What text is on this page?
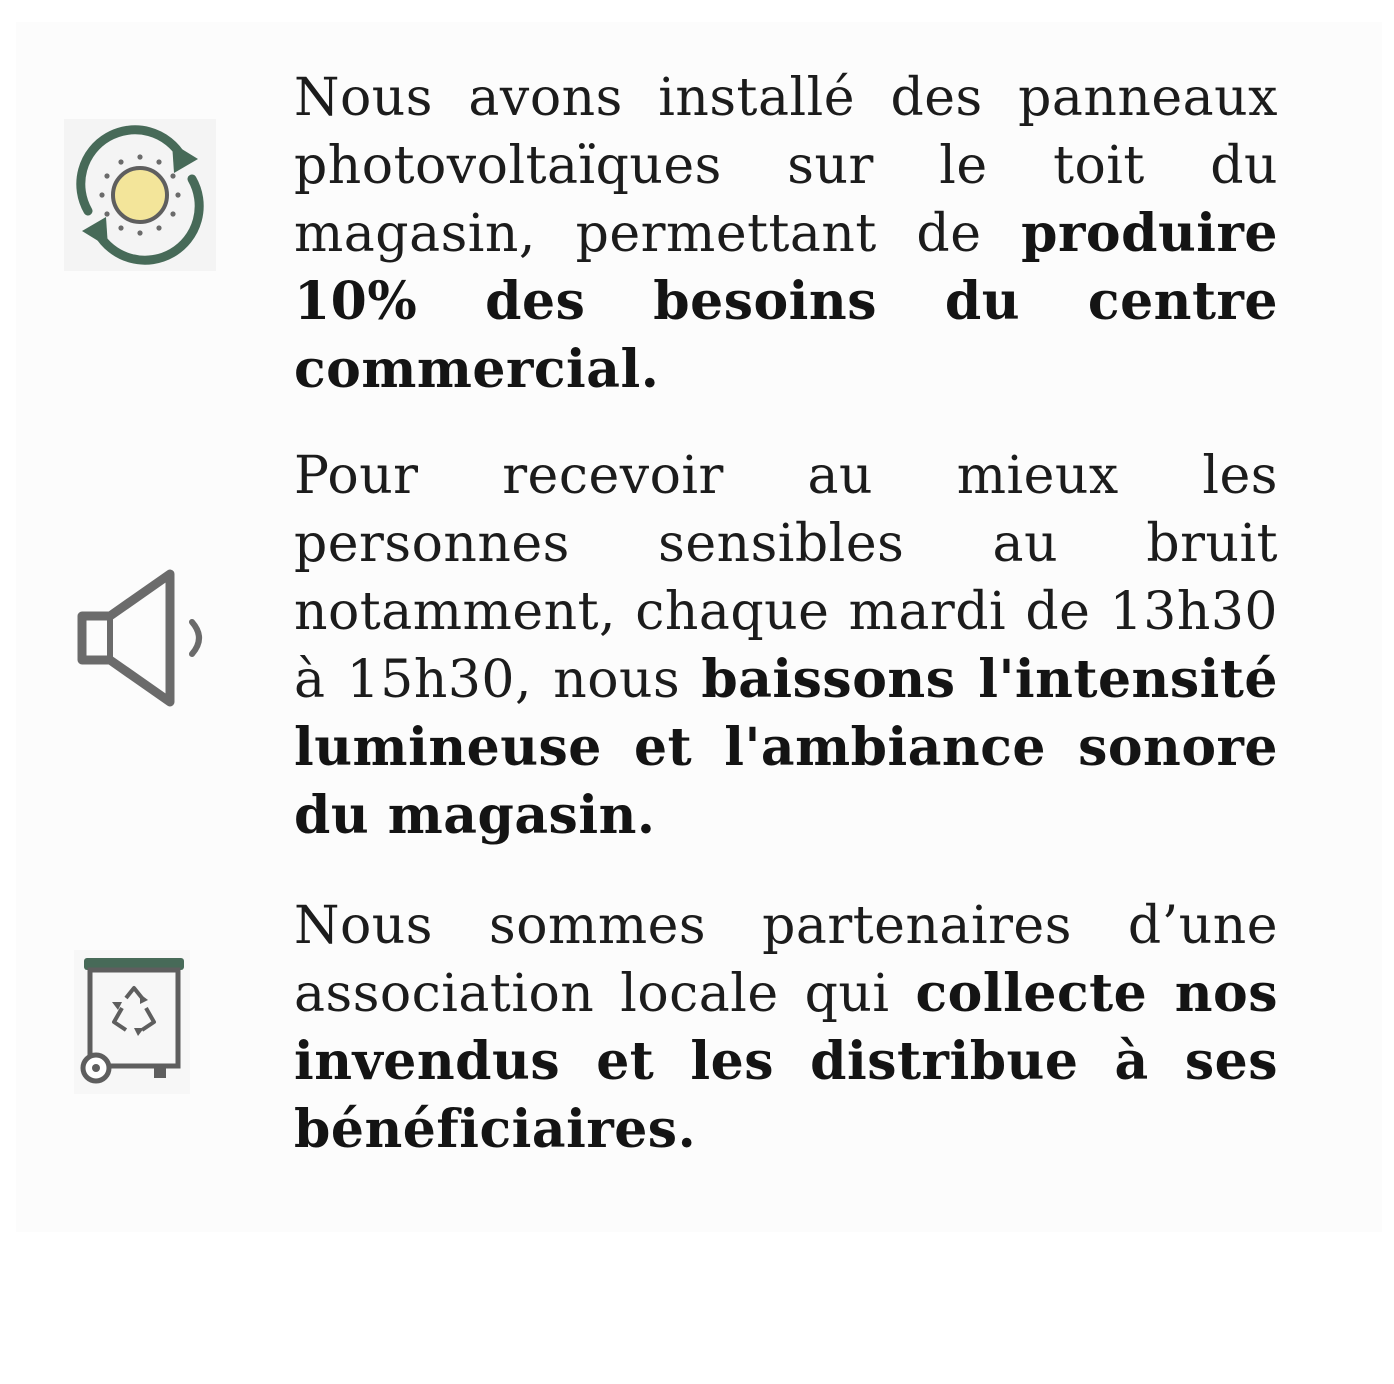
Nous avons installé des panneaux photovoltaïques sur le toit du magasin, permettant de produire 10% des besoins du centre commercial.

Pour recevoir au mieux les personnes sensibles au bruit notamment, chaque mardi de 13h30 à 15h30, nous baissons l'intensité lumineuse et l'ambiance sonore du magasin.

Nous sommes partenaires d’une association locale qui collecte nos invendus et les distribue à ses bénéficiaires.
